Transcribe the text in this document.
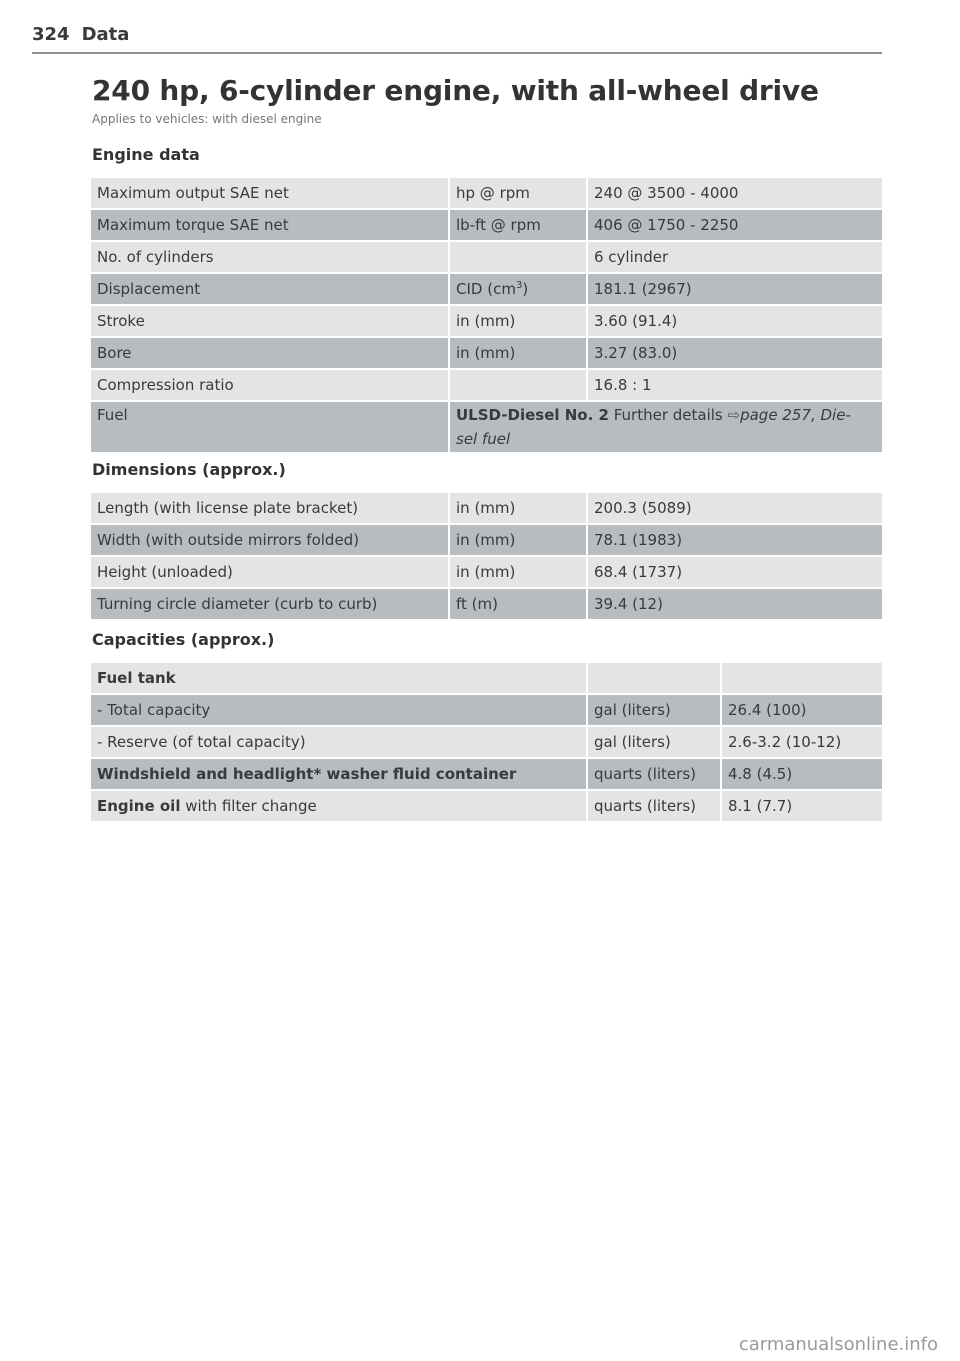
324 Data
240 hp, 6-cylinder engine, with all-wheel drive
Applies to vehicles: with diesel engine
Engine data
Maximum output SAE net	hp @ rpm	240 @ 3500 - 4000
Maximum torque SAE net	lb-ft @ rpm	406 @ 1750 - 2250
No. of cylinders		6 cylinder
Displacement	CID $(cm^3)$	181.1 (2967)
Stroke	in (mm)	3.60 (91.4)
Bore	in (mm)	3.27 (83.0)
Compression ratio		16.8 : 1
Fuel	ULSD-Diesel No. 2 Further details ⇨page 257, Die-
sel fuel	
Dimensions (approx.)
Length (with license plate bracket)	in (mm)	200.3 (5089)
Width (with outside mirrors folded)	in (mm)	78.1 (1983)
Height (unloaded)	in (mm)	68.4 (1737)
Turning circle diameter (curb to curb)	ft (m)	39.4 (12)
Capacities (approx.)
Fuel tank		
- Total capacity	gal (liters)	26.4 (100)
- Reserve (of total capacity)	gal (liters)	2.6-3.2 (10-12)
Windshield and headlight* washer fluid container	quarts (liters)	4.8 (4.5)
Engine oil with filter change	quarts (liters)	8.1 (7.7)
carmanualsonline.info
